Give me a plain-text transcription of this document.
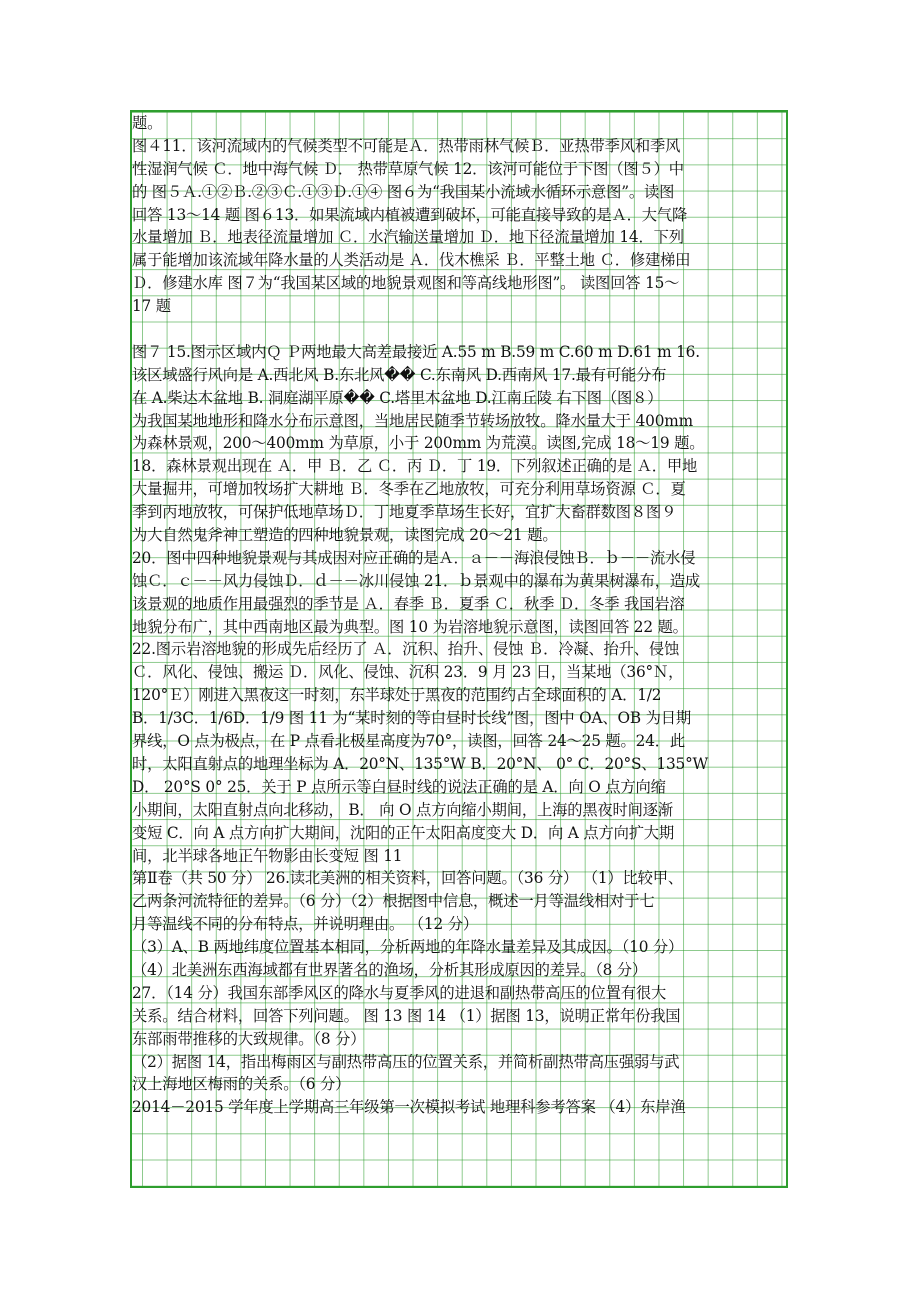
题。
图４11．该河流域内的气候类型不可能是Ａ．热带雨林气候Ｂ．亚热带季风和季风
性湿润气候 Ｃ．地中海气候 Ｄ． 热带草原气候 12．该河可能位于下图（图５）中
的 图５Ａ.①②Ｂ.②③Ｃ.①③Ｄ.①④ 图６为“我国某小流域水循环示意图”。读图
回答 13～14 题 图６13．如果流域内植被遭到破坏，可能直接导致的是Ａ．大气降
水量增加 Ｂ．地表径流量增加 Ｃ．水汽输送量增加 Ｄ．地下径流量增加 14．下列
属于能增加该流域年降水量的人类活动是 Ａ．伐木樵采 Ｂ．平整土地 Ｃ．修建梯田
Ｄ．修建水库 图７为“我国某区域的地貌景观图和等高线地形图”。 读图回答 15～
17 题
图７ 15.图示区域内Ｑ Ｐ两地最大高差最接近 A.55 m B.59 m C.60 m D.61 m 16.
该区域盛行风向是 A.西北风 B.东北风�� C.东南风 D.西南风 17.最有可能分布
在 A.柴达木盆地 B. 洞庭湖平原�� C.塔里木盆地 D.江南丘陵 右下图（图８）
为我国某地地形和降水分布示意图，当地居民随季节转场放牧。降水量大于 400mm
为森林景观，200～400mm 为草原，小于 200mm 为荒漠。读图,完成 18～19 题。
18．森林景观出现在 Ａ．甲 Ｂ．乙 Ｃ．丙 Ｄ．丁 19．下列叙述正确的是 Ａ．甲地
大量掘井，可增加牧场扩大耕地 Ｂ．冬季在乙地放牧，可充分利用草场资源 Ｃ．夏
季到丙地放牧，可保护低地草场Ｄ．丁地夏季草场生长好，宜扩大畜群数图８图９
为大自然鬼斧神工塑造的四种地貌景观，读图完成 20～21 题。
20．图中四种地貌景观与其成因对应正确的是Ａ．ａ－－海浪侵蚀Ｂ．ｂ－－流水侵
蚀Ｃ．ｃ－－风力侵蚀Ｄ．ｄ－－冰川侵蚀 21．ｂ景观中的瀑布为黄果树瀑布，造成
该景观的地质作用最强烈的季节是 Ａ．春季 Ｂ．夏季 Ｃ．秋季 Ｄ．冬季 我国岩溶
地貌分布广，其中西南地区最为典型。图 10 为岩溶地貌示意图，读图回答 22 题。
22.图示岩溶地貌的形成先后经历了 Ａ．沉积、抬升、侵蚀 Ｂ．冷凝、抬升、侵蚀
Ｃ．风化、侵蚀、搬运 Ｄ．风化、侵蚀、沉积 23．9 月 23 日，当某地（36°Ｎ，
120°Ｅ）刚进入黑夜这一时刻，东半球处于黑夜的范围约占全球面积的 A．1/2
B．1/3C．1/6D．1/9 图 11 为“某时刻的等白昼时长线”图，图中 OA、OB 为日期
界线，O 点为极点，在 P 点看北极星高度为70°，读图，回答 24～25 题。24．此
时，太阳直射点的地理坐标为 A．20°N、135°W B．20°N、 0° C．20°S、135°W
D． 20°S 0° 25．关于 P 点所示等白昼时线的说法正确的是 A．向 O 点方向缩
小期间，太阳直射点向北移动， B． 向 O 点方向缩小期间，上海的黑夜时间逐渐
变短 C．向 A 点方向扩大期间，沈阳的正午太阳高度变大 D．向 A 点方向扩大期
间，北半球各地正午物影由长变短 图 11
第Ⅱ卷（共 50 分） 26.读北美洲的相关资料，回答问题。（36 分） （1）比较甲、
乙两条河流特征的差异。（6 分）（2）根据图中信息，概述一月等温线相对于七
月等温线不同的分布特点，并说明理由。 （12 分）
（3）A、B 两地纬度位置基本相同，分析两地的年降水量差异及其成因。（10 分）
（4）北美洲东西海域都有世界著名的渔场，分析其形成原因的差异。（8 分）
27．（14 分）我国东部季风区的降水与夏季风的进退和副热带高压的位置有很大
关系。结合材料，回答下列问题。 图 13 图 14 （1）据图 13，说明正常年份我国
东部雨带推移的大致规律。（8 分）
（2）据图 14，指出梅雨区与副热带高压的位置关系，并简析副热带高压强弱与武
汉上海地区梅雨的关系。（6 分）
2014－2015 学年度上学期高三年级第一次模拟考试 地理科参考答案 （4）东岸渔
